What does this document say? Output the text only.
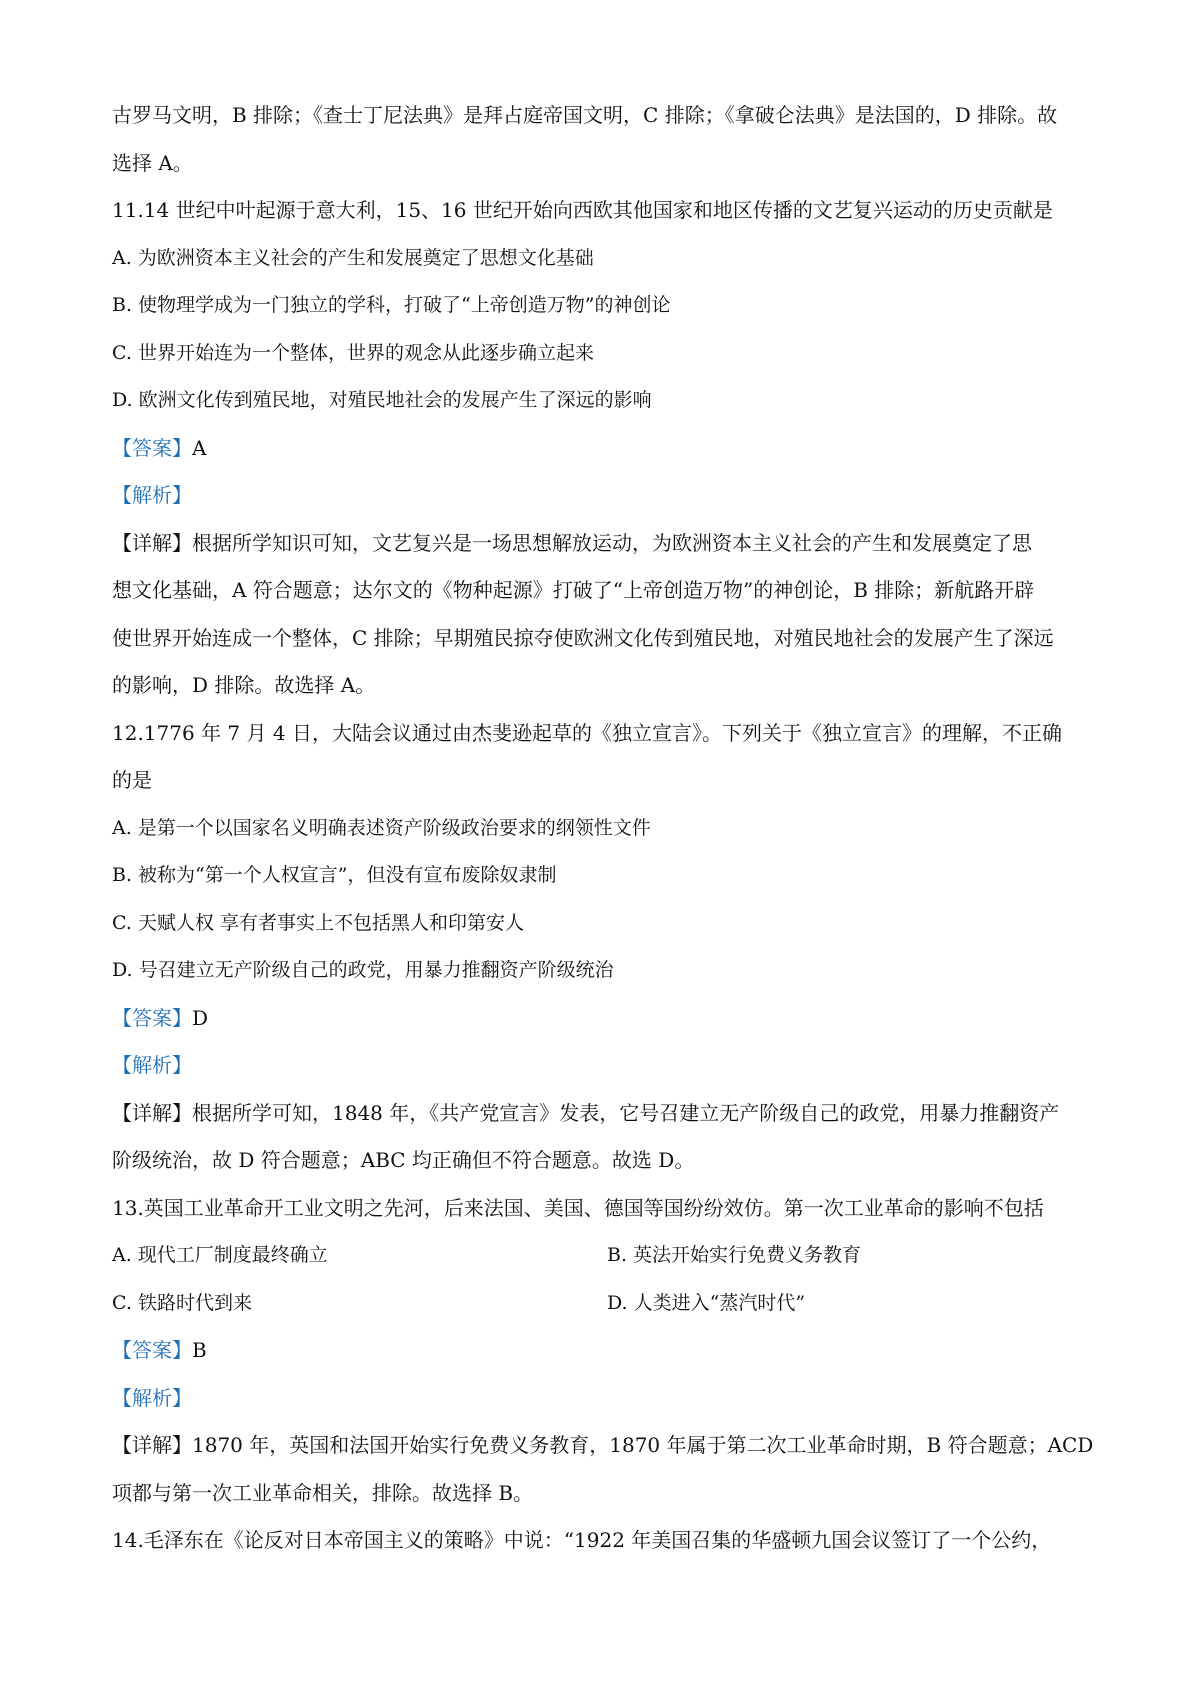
古罗马文明，B 排除；《查士丁尼法典》是拜占庭帝国文明，C 排除；《拿破仑法典》是法国的，D 排除。故
选择 A。
11.14 世纪中叶起源于意大利，15、16 世纪开始向西欧其他国家和地区传播的文艺复兴运动的历史贡献是
A. 为欧洲资本主义社会的产生和发展奠定了思想文化基础
B. 使物理学成为一门独立的学科，打破了“上帝创造万物”的神创论
C. 世界开始连为一个整体，世界的观念从此逐步确立起来
D. 欧洲文化传到殖民地，对殖民地社会的发展产生了深远的影响
【答案】A
【解析】
【详解】根据所学知识可知，文艺复兴是一场思想解放运动，为欧洲资本主义社会的产生和发展奠定了思
想文化基础，A 符合题意；达尔文的《物种起源》打破了“上帝创造万物”的神创论，B 排除；新航路开辟
使世界开始连成一个整体，C 排除；早期殖民掠夺使欧洲文化传到殖民地，对殖民地社会的发展产生了深远
的影响，D 排除。故选择 A。
12.1776 年 7 月 4 日，大陆会议通过由杰斐逊起草的《独立宣言》。下列关于《独立宣言》的理解，不正确
的是
A. 是第一个以国家名义明确表述资产阶级政治要求的纲领性文件
B. 被称为“第一个人权宣言”，但没有宣布废除奴隶制
C. 天赋人权 享有者事实上不包括黑人和印第安人
D. 号召建立无产阶级自己的政党，用暴力推翻资产阶级统治
【答案】D
【解析】
【详解】根据所学可知，1848 年，《共产党宣言》发表，它号召建立无产阶级自己的政党，用暴力推翻资产
阶级统治，故 D 符合题意；ABC 均正确但不符合题意。故选 D。
13.英国工业革命开工业文明之先河，后来法国、美国、德国等国纷纷效仿。第一次工业革命的影响不包括
A. 现代工厂制度最终确立	B. 英法开始实行免费义务教育
C. 铁路时代到来	D. 人类进入“蒸汽时代”
【答案】B
【解析】
【详解】1870 年，英国和法国开始实行免费义务教育，1870 年属于第二次工业革命时期，B 符合题意；ACD
项都与第一次工业革命相关，排除。故选择 B。
14.毛泽东在《论反对日本帝国主义的策略》中说：“1922 年美国召集的华盛顿九国会议签订了一个公约，
